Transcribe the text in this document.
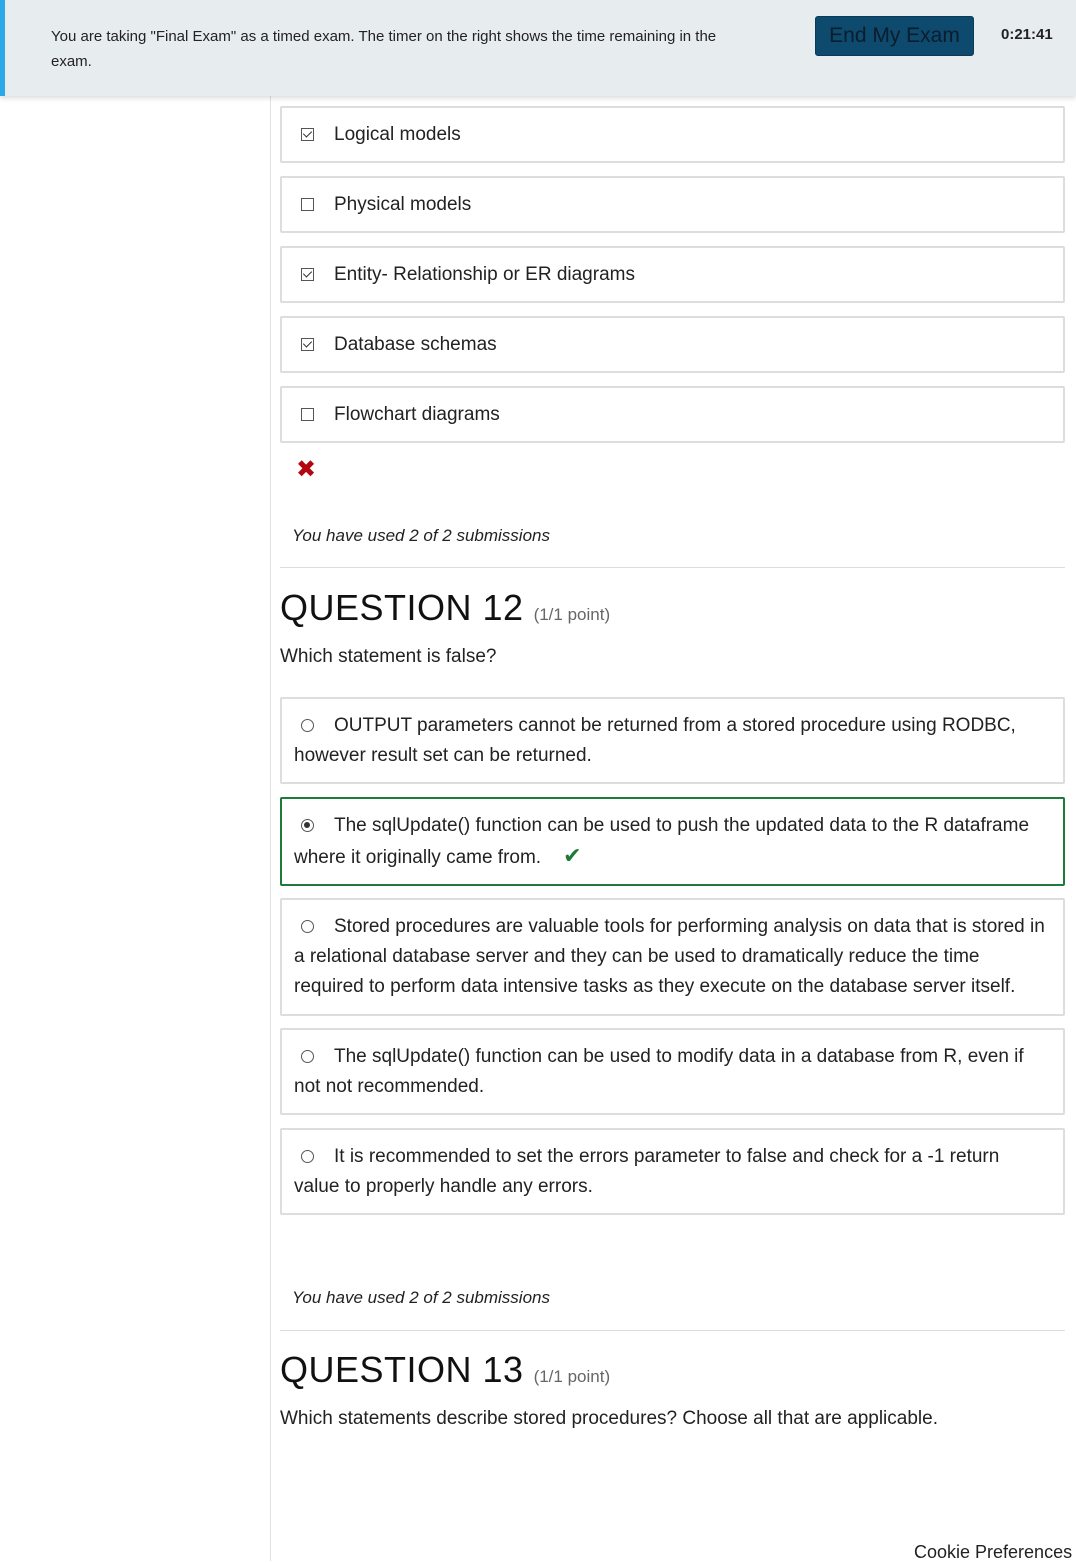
You are taking "Final Exam" as a timed exam. The timer on the right shows the time remaining in the exam.
End My Exam	0:21:41
Logical models
Physical models
Entity- Relationship or ER diagrams
Database schemas
Flowchart diagrams
✖
You have used 2 of 2 submissions
QUESTION 12 (1/1 point)
Which statement is false?
OUTPUT parameters cannot be returned from a stored procedure using RODBC, however result set can be returned.
The sqlUpdate() function can be used to push the updated data to the R dataframe where it originally came from. ✔
Stored procedures are valuable tools for performing analysis on data that is stored in a relational database server and they can be used to dramatically reduce the time required to perform data intensive tasks as they execute on the database server itself.
The sqlUpdate() function can be used to modify data in a database from R, even if not not recommended.
It is recommended to set the errors parameter to false and check for a -1 return value to properly handle any errors.
You have used 2 of 2 submissions
QUESTION 13 (1/1 point)
Which statements describe stored procedures? Choose all that are applicable.
Cookie Preferences
